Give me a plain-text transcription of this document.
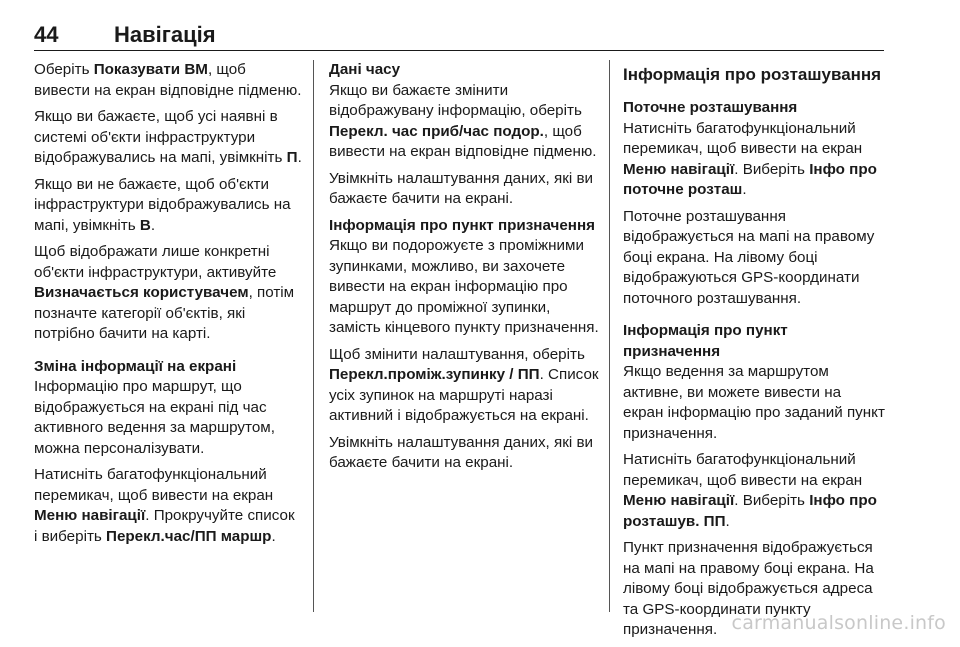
44	Навігація

Оберіть Показувати ВМ, щоб вивести на екран відповідне підменю.

Якщо ви бажаєте, щоб усі наявні в системі об'єкти інфраструктури відображувались на мапі, увімкніть П.

Якщо ви не бажаєте, щоб об'єкти інфраструктури відображувались на мапі, увімкніть В.

Щоб відображати лише конкретні об'єкти інфраструктури, активуйте Визначається користувачем, потім позначте категорії об'єктів, які потрібно бачити на карті.

Зміна інформації на екрані

Інформацію про маршрут, що відображується на екрані під час активного ведення за маршрутом, можна персоналізувати.

Натисніть багатофункціональний перемикач, щоб вивести на екран Меню навігації. Прокручуйте список і виберіть Перекл.час/ПП маршр.

Дані часу

Якщо ви бажаєте змінити відображувану інформацію, оберіть Перекл. час приб/час подор., щоб вивести на екран відповідне підменю.

Увімкніть налаштування даних, які ви бажаєте бачити на екрані.

Інформація про пункт призначення

Якщо ви подорожуєте з проміжними зупинками, можливо, ви захочете вивести на екран інформацію про маршрут до проміжної зупинки, замість кінцевого пункту призначення.

Щоб змінити налаштування, оберіть Перекл.проміж.зупинку / ПП. Список усіх зупинок на маршруті наразі активний і відображується на екрані.

Увімкніть налаштування даних, які ви бажаєте бачити на екрані.

Інформація про розташування
Поточне розташування

Натисніть багатофункціональний перемикач, щоб вивести на екран Меню навігації. Виберіть Інфо про поточне розташ.

Поточне розташування відображується на мапі на правому боці екрана. На лівому боці відображуються GPS-координати поточного розташування.

Інформація про пункт призначення

Якщо ведення за маршрутом активне, ви можете вивести на екран інформацію про заданий пункт призначення.

Натисніть багатофункціональний перемикач, щоб вивести на екран Меню навігації. Виберіть Інфо про розташув. ПП.

Пункт призначення відображується на мапі на правому боці екрана. На лівому боці відображується адреса та GPS-координати пункту призначення. carmanualsonline.info
